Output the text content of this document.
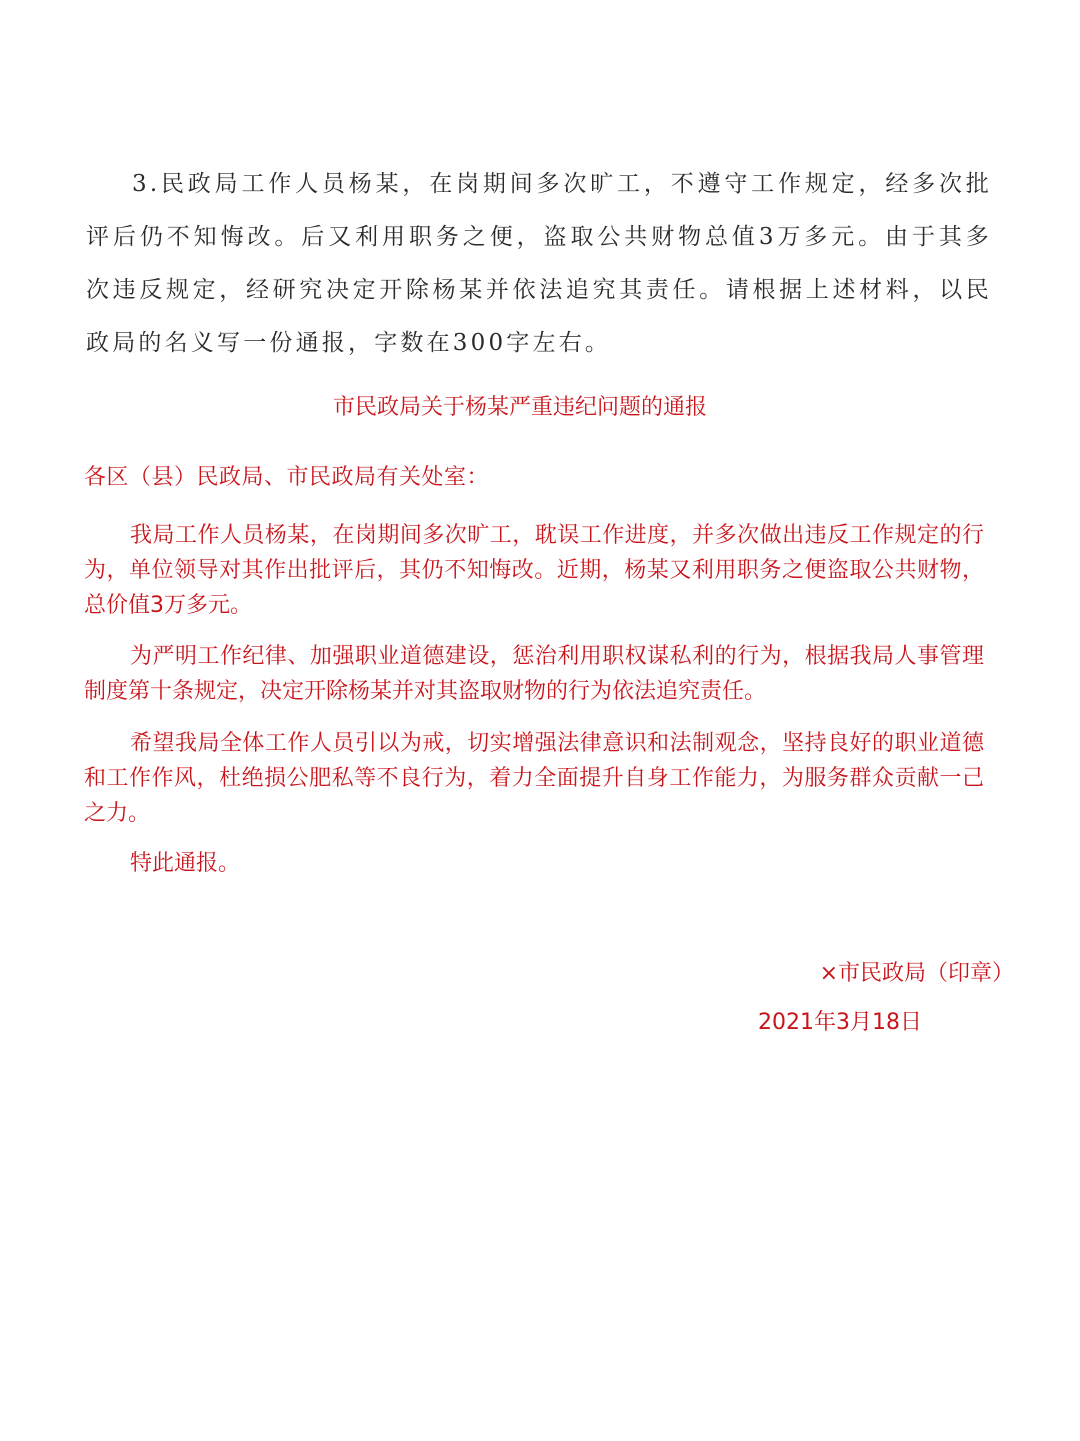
3.民政局工作人员杨某，在岗期间多次旷工，不遵守工作规定，经多次批评后仍不知悔改。后又利用职务之便，盗取公共财物总值3万多元。由于其多次违反规定，经研究决定开除杨某并依法追究其责任。请根据上述材料，以民政局的名义写一份通报，字数在300字左右。
市民政局关于杨某严重违纪问题的通报
各区（县）民政局、市民政局有关处室：
我局工作人员杨某，在岗期间多次旷工，耽误工作进度，并多次做出违反工作规定的行为，单位领导对其作出批评后，其仍不知悔改。近期，杨某又利用职务之便盗取公共财物，总价值3万多元。
为严明工作纪律、加强职业道德建设，惩治利用职权谋私利的行为，根据我局人事管理制度第十条规定，决定开除杨某并对其盗取财物的行为依法追究责任。
希望我局全体工作人员引以为戒，切实增强法律意识和法制观念，坚持良好的职业道德和工作作风，杜绝损公肥私等不良行为，着力全面提升自身工作能力，为服务群众贡献一己之力。
特此通报。
×市民政局（印章）
2021年3月18日
